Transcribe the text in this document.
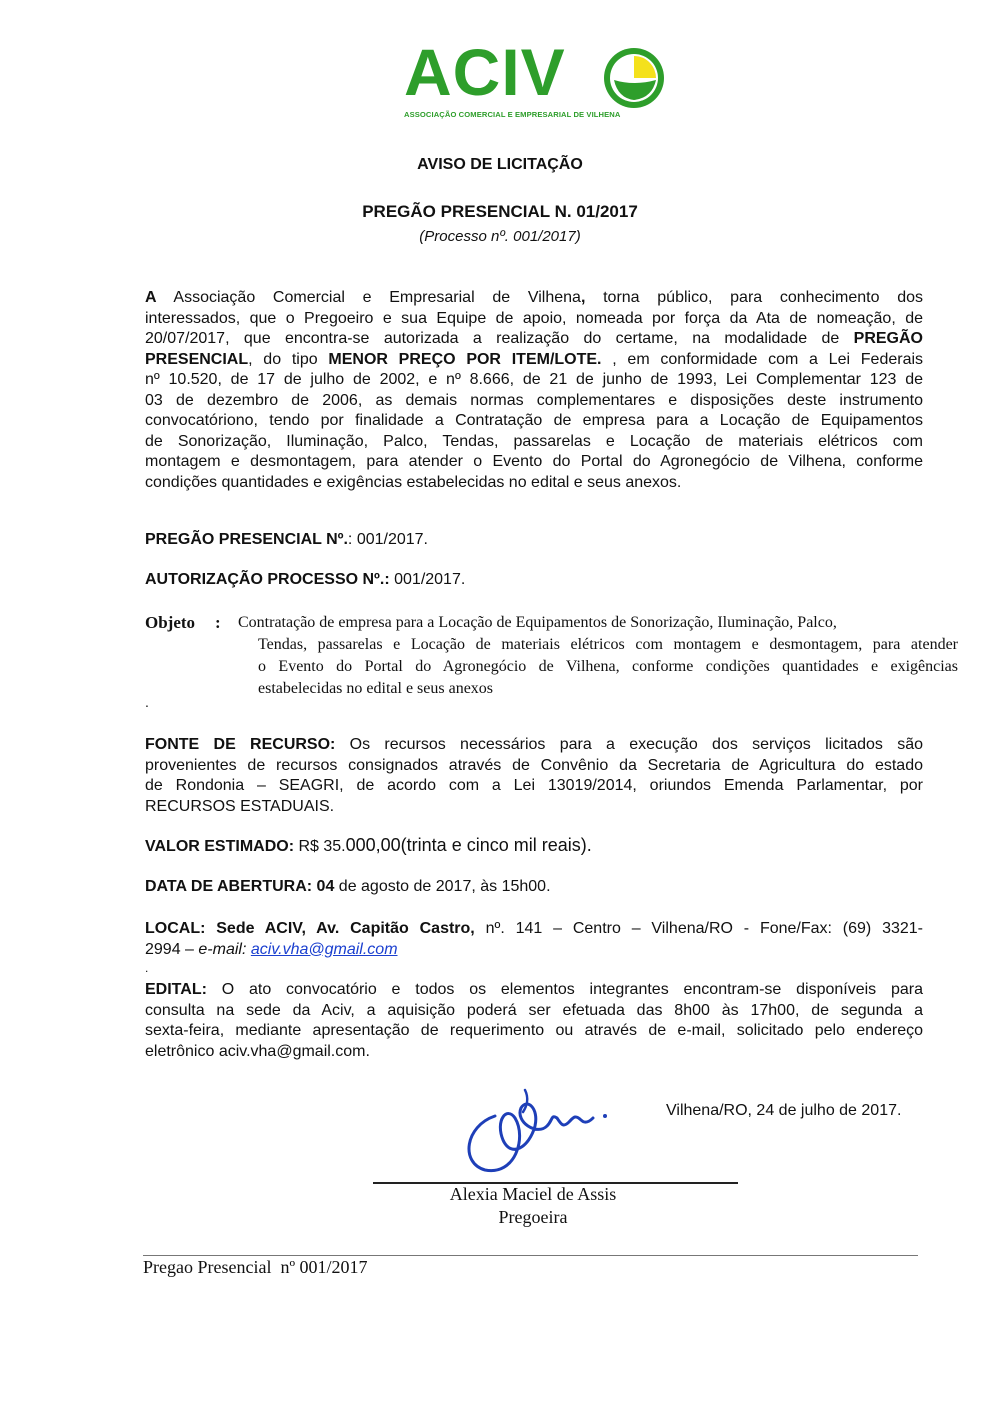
ACIV
ASSOCIAÇÃO COMERCIAL E EMPRESARIAL DE VILHENA
AVISO DE LICITAÇÃO
PREGÃO PRESENCIAL N. 01/2017
(Processo nº. 001/2017)
A Associação Comercial e Empresarial de Vilhena, torna público, para conhecimento dos
interessados, que o Pregoeiro e sua Equipe de apoio, nomeada por força da Ata de nomeação, de
20/07/2017, que encontra-se autorizada a realização do certame, na modalidade de PREGÃO
PRESENCIAL, do tipo MENOR PREÇO POR ITEM/LOTE. , em conformidade com a Lei Federais
nº 10.520, de 17 de julho de 2002, e nº 8.666, de 21 de junho de 1993, Lei Complementar 123 de
03 de dezembro de 2006, as demais normas complementares e disposições deste instrumento
convocatóriono, tendo por finalidade a Contratação de empresa para a Locação de Equipamentos
de Sonorização, Iluminação, Palco, Tendas, passarelas e Locação de materiais elétricos com
montagem e desmontagem, para atender o Evento do Portal do Agronegócio de Vilhena, conforme
condições quantidades e exigências estabelecidas no edital e seus anexos.
PREGÃO PRESENCIAL Nº.: 001/2017.
AUTORIZAÇÃO PROCESSO Nº.: 001/2017.
Objeto : Contratação de empresa para a Locação de Equipamentos de Sonorização, Iluminação, Palco,
Tendas, passarelas e Locação de materiais elétricos com montagem e desmontagem, para atender
o Evento do Portal do Agronegócio de Vilhena, conforme condições quantidades e exigências
estabelecidas no edital e seus anexos
.
FONTE DE RECURSO: Os recursos necessários para a execução dos serviços licitados são
provenientes de recursos consignados através de Convênio da Secretaria de Agricultura do estado
de Rondonia – SEAGRI, de acordo com a Lei 13019/2014, oriundos Emenda Parlamentar, por
RECURSOS ESTADUAIS.
VALOR ESTIMADO: R$ 35.000,00(trinta e cinco mil reais).
DATA DE ABERTURA: 04 de agosto de 2017, às 15h00.
LOCAL: Sede ACIV, Av. Capitão Castro, nº. 141 – Centro – Vilhena/RO - Fone/Fax: (69) 3321-
2994 – e-mail: aciv.vha@gmail.com
.
EDITAL: O ato convocatório e todos os elementos integrantes encontram-se disponíveis para
consulta na sede da Aciv, a aquisição poderá ser efetuada das 8h00 às 17h00, de segunda a
sexta-feira, mediante apresentação de requerimento ou através de e-mail, solicitado pelo endereço
eletrônico aciv.vha@gmail.com.
Vilhena/RO, 24 de julho de 2017.
Alexia Maciel de Assis
Pregoeira
Pregao Presencial  nº 001/2017
